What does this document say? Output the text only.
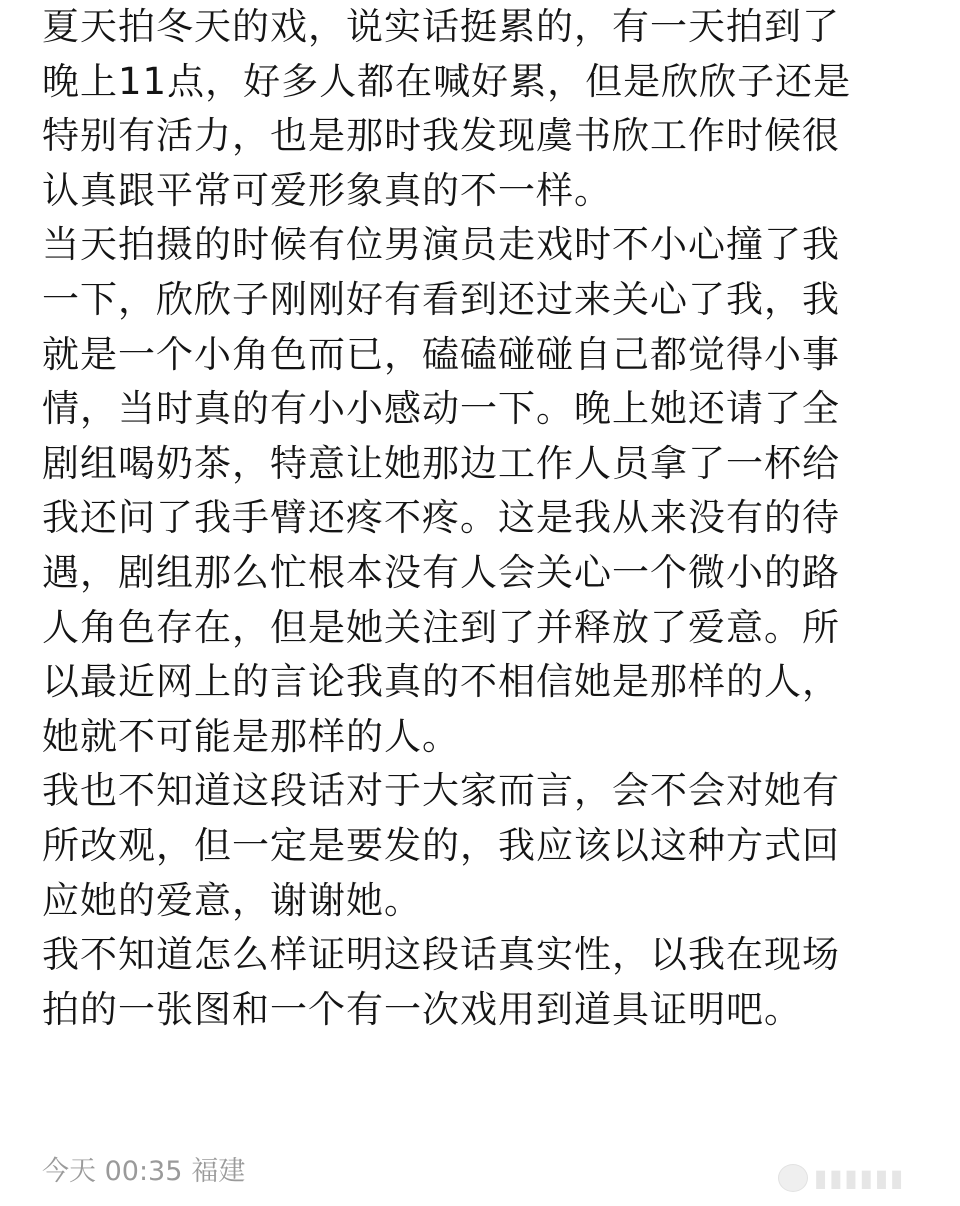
夏天拍冬天的戏，说实话挺累的，有一天拍到了
晚上11点，好多人都在喊好累，但是欣欣子还是
特别有活力，也是那时我发现虞书欣工作时候很
认真跟平常可爱形象真的不一样。
当天拍摄的时候有位男演员走戏时不小心撞了我
一下，欣欣子刚刚好有看到还过来关心了我，我
就是一个小角色而已，磕磕碰碰自己都觉得小事
情，当时真的有小小感动一下。晚上她还请了全
剧组喝奶茶，特意让她那边工作人员拿了一杯给
我还问了我手臂还疼不疼。这是我从来没有的待
遇，剧组那么忙根本没有人会关心一个微小的路
人角色存在，但是她关注到了并释放了爱意。所
以最近网上的言论我真的不相信她是那样的人，
她就不可能是那样的人。
我也不知道这段话对于大家而言，会不会对她有
所改观，但一定是要发的，我应该以这种方式回
应她的爱意，谢谢她。
我不知道怎么样证明这段话真实性，以我在现场
拍的一张图和一个有一次戏用到道具证明吧。
今天 00:35 福建	▮▮▮▮▮▮
